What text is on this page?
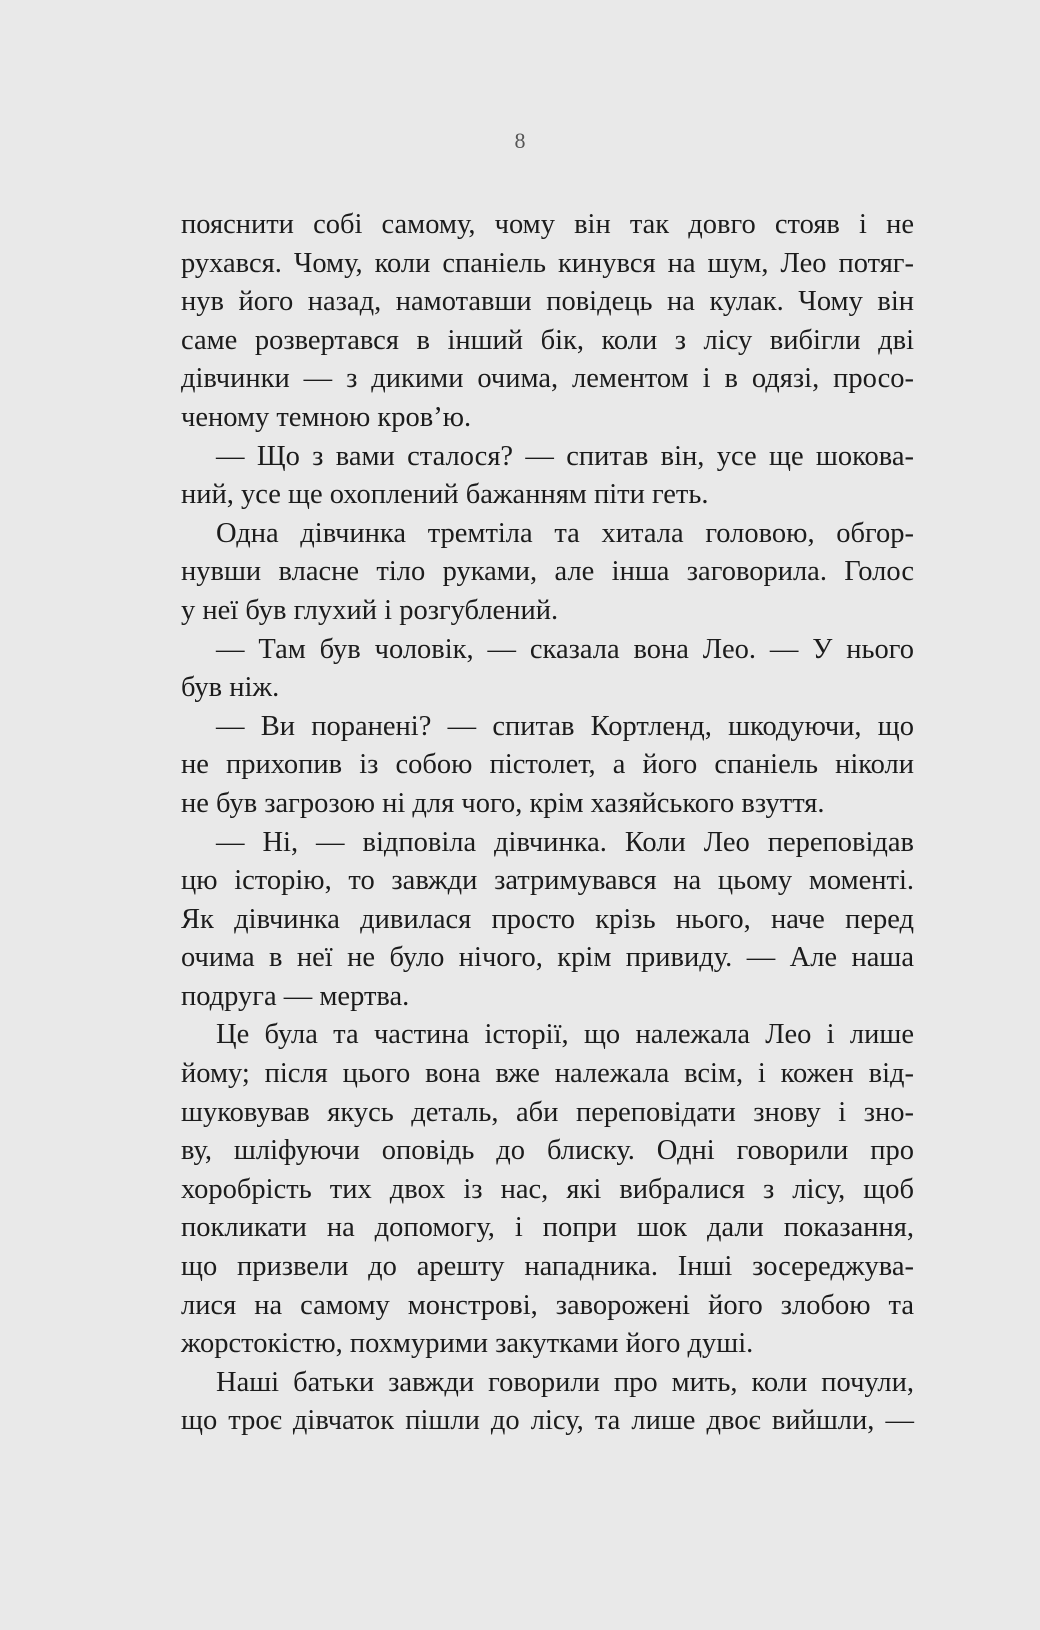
8
пояснити собі самому, чому він так довго стояв і не
рухався. Чому, коли спаніель кинувся на шум, Лео потяг-
нув його назад, намотавши повідець на кулак. Чому він
саме розвертався в інший бік, коли з лісу вибігли дві
дівчинки — з дикими очима, лементом і в одязі, просо-
ченому темною кров’ю.
— Що з вами сталося? — спитав він, усе ще шокова-
ний, усе ще охоплений бажанням піти геть.
Одна дівчинка тремтіла та хитала головою, обгор-
нувши власне тіло руками, але інша заговорила. Голос
у неї був глухий і розгублений.
— Там був чоловік, — сказала вона Лео. — У нього
був ніж.
— Ви поранені? — спитав Кортленд, шкодуючи, що
не прихопив із собою пістолет, а його спаніель ніколи
не був загрозою ні для чого, крім хазяйського взуття.
— Ні, — відповіла дівчинка. Коли Лео переповідав
цю історію, то завжди затримувався на цьому моменті.
Як дівчинка дивилася просто крізь нього, наче перед
очима в неї не було нічого, крім привиду. — Але наша
подруга — мертва.
Це була та частина історії, що належала Лео і лише
йому; після цього вона вже належала всім, і кожен від-
шуковував якусь деталь, аби переповідати знову і зно-
ву, шліфуючи оповідь до блиску. Одні говорили про
хоробрість тих двох із нас, які вибралися з лісу, щоб
покликати на допомогу, і попри шок дали показання,
що призвели до арешту нападника. Інші зосереджува-
лися на самому монстрові, заворожені його злобою та
жорстокістю, похмурими закутками його душі.
Наші батьки завжди говорили про мить, коли почули,
що троє дівчаток пішли до лісу, та лише двоє вийшли, —
